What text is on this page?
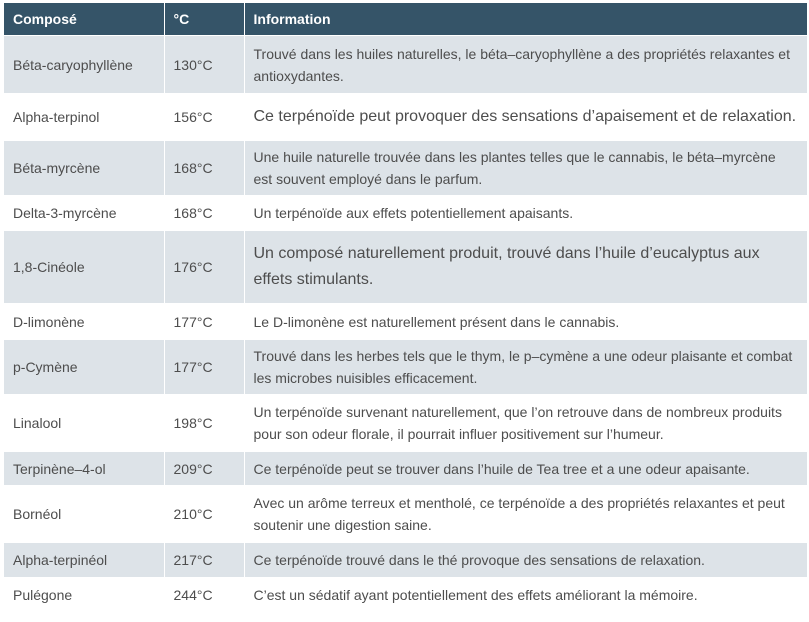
Composé	°C	Information
Béta-caryophyllène	130°C	Trouvé dans les huiles naturelles, le béta–caryophyllène a des propriétés relaxantes et antioxydantes.
Alpha-terpinol	156°C	Ce terpénoïde peut provoquer des sensations d’apaisement et de relaxation.
Béta-myrcène	168°C	Une huile naturelle trouvée dans les plantes telles que le cannabis, le béta–myrcène est souvent employé dans le parfum.
Delta-3-myrcène	168°C	Un terpénoïde aux effets potentiellement apaisants.
1,8-Cinéole	176°C	Un composé naturellement produit, trouvé dans l’huile d’eucalyptus aux effets stimulants.
D-limonène	177°C	Le D-limonène est naturellement présent dans le cannabis.
p-Cymène	177°C	Trouvé dans les herbes tels que le thym, le p–cymène a une odeur plaisante et combat les microbes nuisibles efficacement.
Linalool	198°C	Un terpénoïde survenant naturellement, que l’on retrouve dans de nombreux produits pour son odeur florale, il pourrait influer positivement sur l’humeur.
Terpinène–4-ol	209°C	Ce terpénoïde peut se trouver dans l’huile de Tea tree et a une odeur apaisante.
Bornéol	210°C	Avec un arôme terreux et mentholé, ce terpénoïde a des propriétés relaxantes et peut soutenir une digestion saine.
Alpha-terpinéol	217°C	Ce terpénoïde trouvé dans le thé provoque des sensations de relaxation.
Pulégone	244°C	C’est un sédatif ayant potentiellement des effets améliorant la mémoire.
